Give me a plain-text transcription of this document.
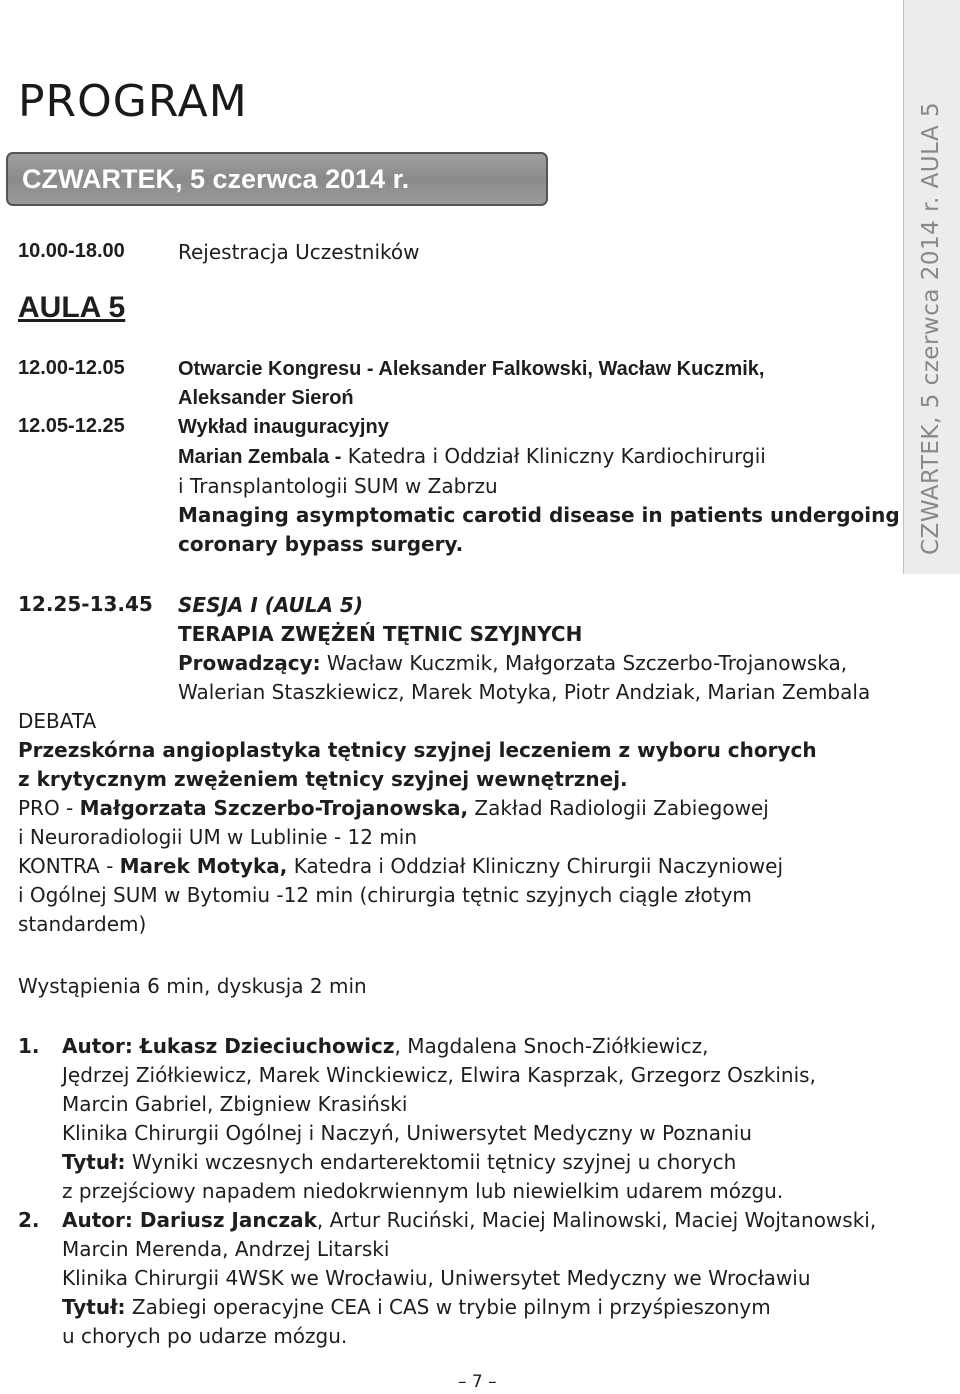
PROGRAM
CZWARTEK, 5 czerwca 2014 r.	CZWARTEK, 5 czerwca 2014 r. AULA 5
10.00-18.00	Rejestracja Uczestników
AULA 5
12.00-12.05	Otwarcie Kongresu - Aleksander Falkowski, Wacław Kuczmik,
Aleksander Sieroń
12.05-12.25	Wykład inauguracyjny
Marian Zembala - Katedra i Oddział Kliniczny Kardiochirurgii
i Transplantologii SUM w Zabrzu
Managing asymptomatic carotid disease in patients undergoing
coronary bypass surgery.
12.25-13.45 SESJA I (AULA 5)
TERAPIA ZWĘŻEŃ TĘTNIC SZYJNYCH
Prowadzący: Wacław Kuczmik, Małgorzata Szczerbo-Trojanowska,
Walerian Staszkiewicz, Marek Motyka, Piotr Andziak, Marian Zembala
DEBATA
Przezskórna angioplastyka tętnicy szyjnej leczeniem z wyboru chorych
z krytycznym zwężeniem tętnicy szyjnej wewnętrznej.
PRO - Małgorzata Szczerbo-Trojanowska, Zakład Radiologii Zabiegowej
i Neuroradiologii UM w Lublinie - 12 min
KONTRA - Marek Motyka, Katedra i Oddział Kliniczny Chirurgii Naczyniowej
i Ogólnej SUM w Bytomiu -12 min (chirurgia tętnic szyjnych ciągle złotym
standardem)
Wystąpienia 6 min, dyskusja 2 min
1. Autor: Łukasz Dzieciuchowicz, Magdalena Snoch-Ziółkiewicz,
Jędrzej Ziółkiewicz, Marek Winckiewicz, Elwira Kasprzak, Grzegorz Oszkinis,
Marcin Gabriel, Zbigniew Krasiński
Klinika Chirurgii Ogólnej i Naczyń, Uniwersytet Medyczny w Poznaniu
Tytuł: Wyniki wczesnych endarterektomii tętnicy szyjnej u chorych
z przejściowy napadem niedokrwiennym lub niewielkim udarem mózgu.
2. Autor: Dariusz Janczak, Artur Ruciński, Maciej Malinowski, Maciej Wojtanowski,
Marcin Merenda, Andrzej Litarski
Klinika Chirurgii 4WSK we Wrocławiu, Uniwersytet Medyczny we Wrocławiu
Tytuł: Zabiegi operacyjne CEA i CAS w trybie pilnym i przyśpieszonym
u chorych po udarze mózgu.
– 7 –
